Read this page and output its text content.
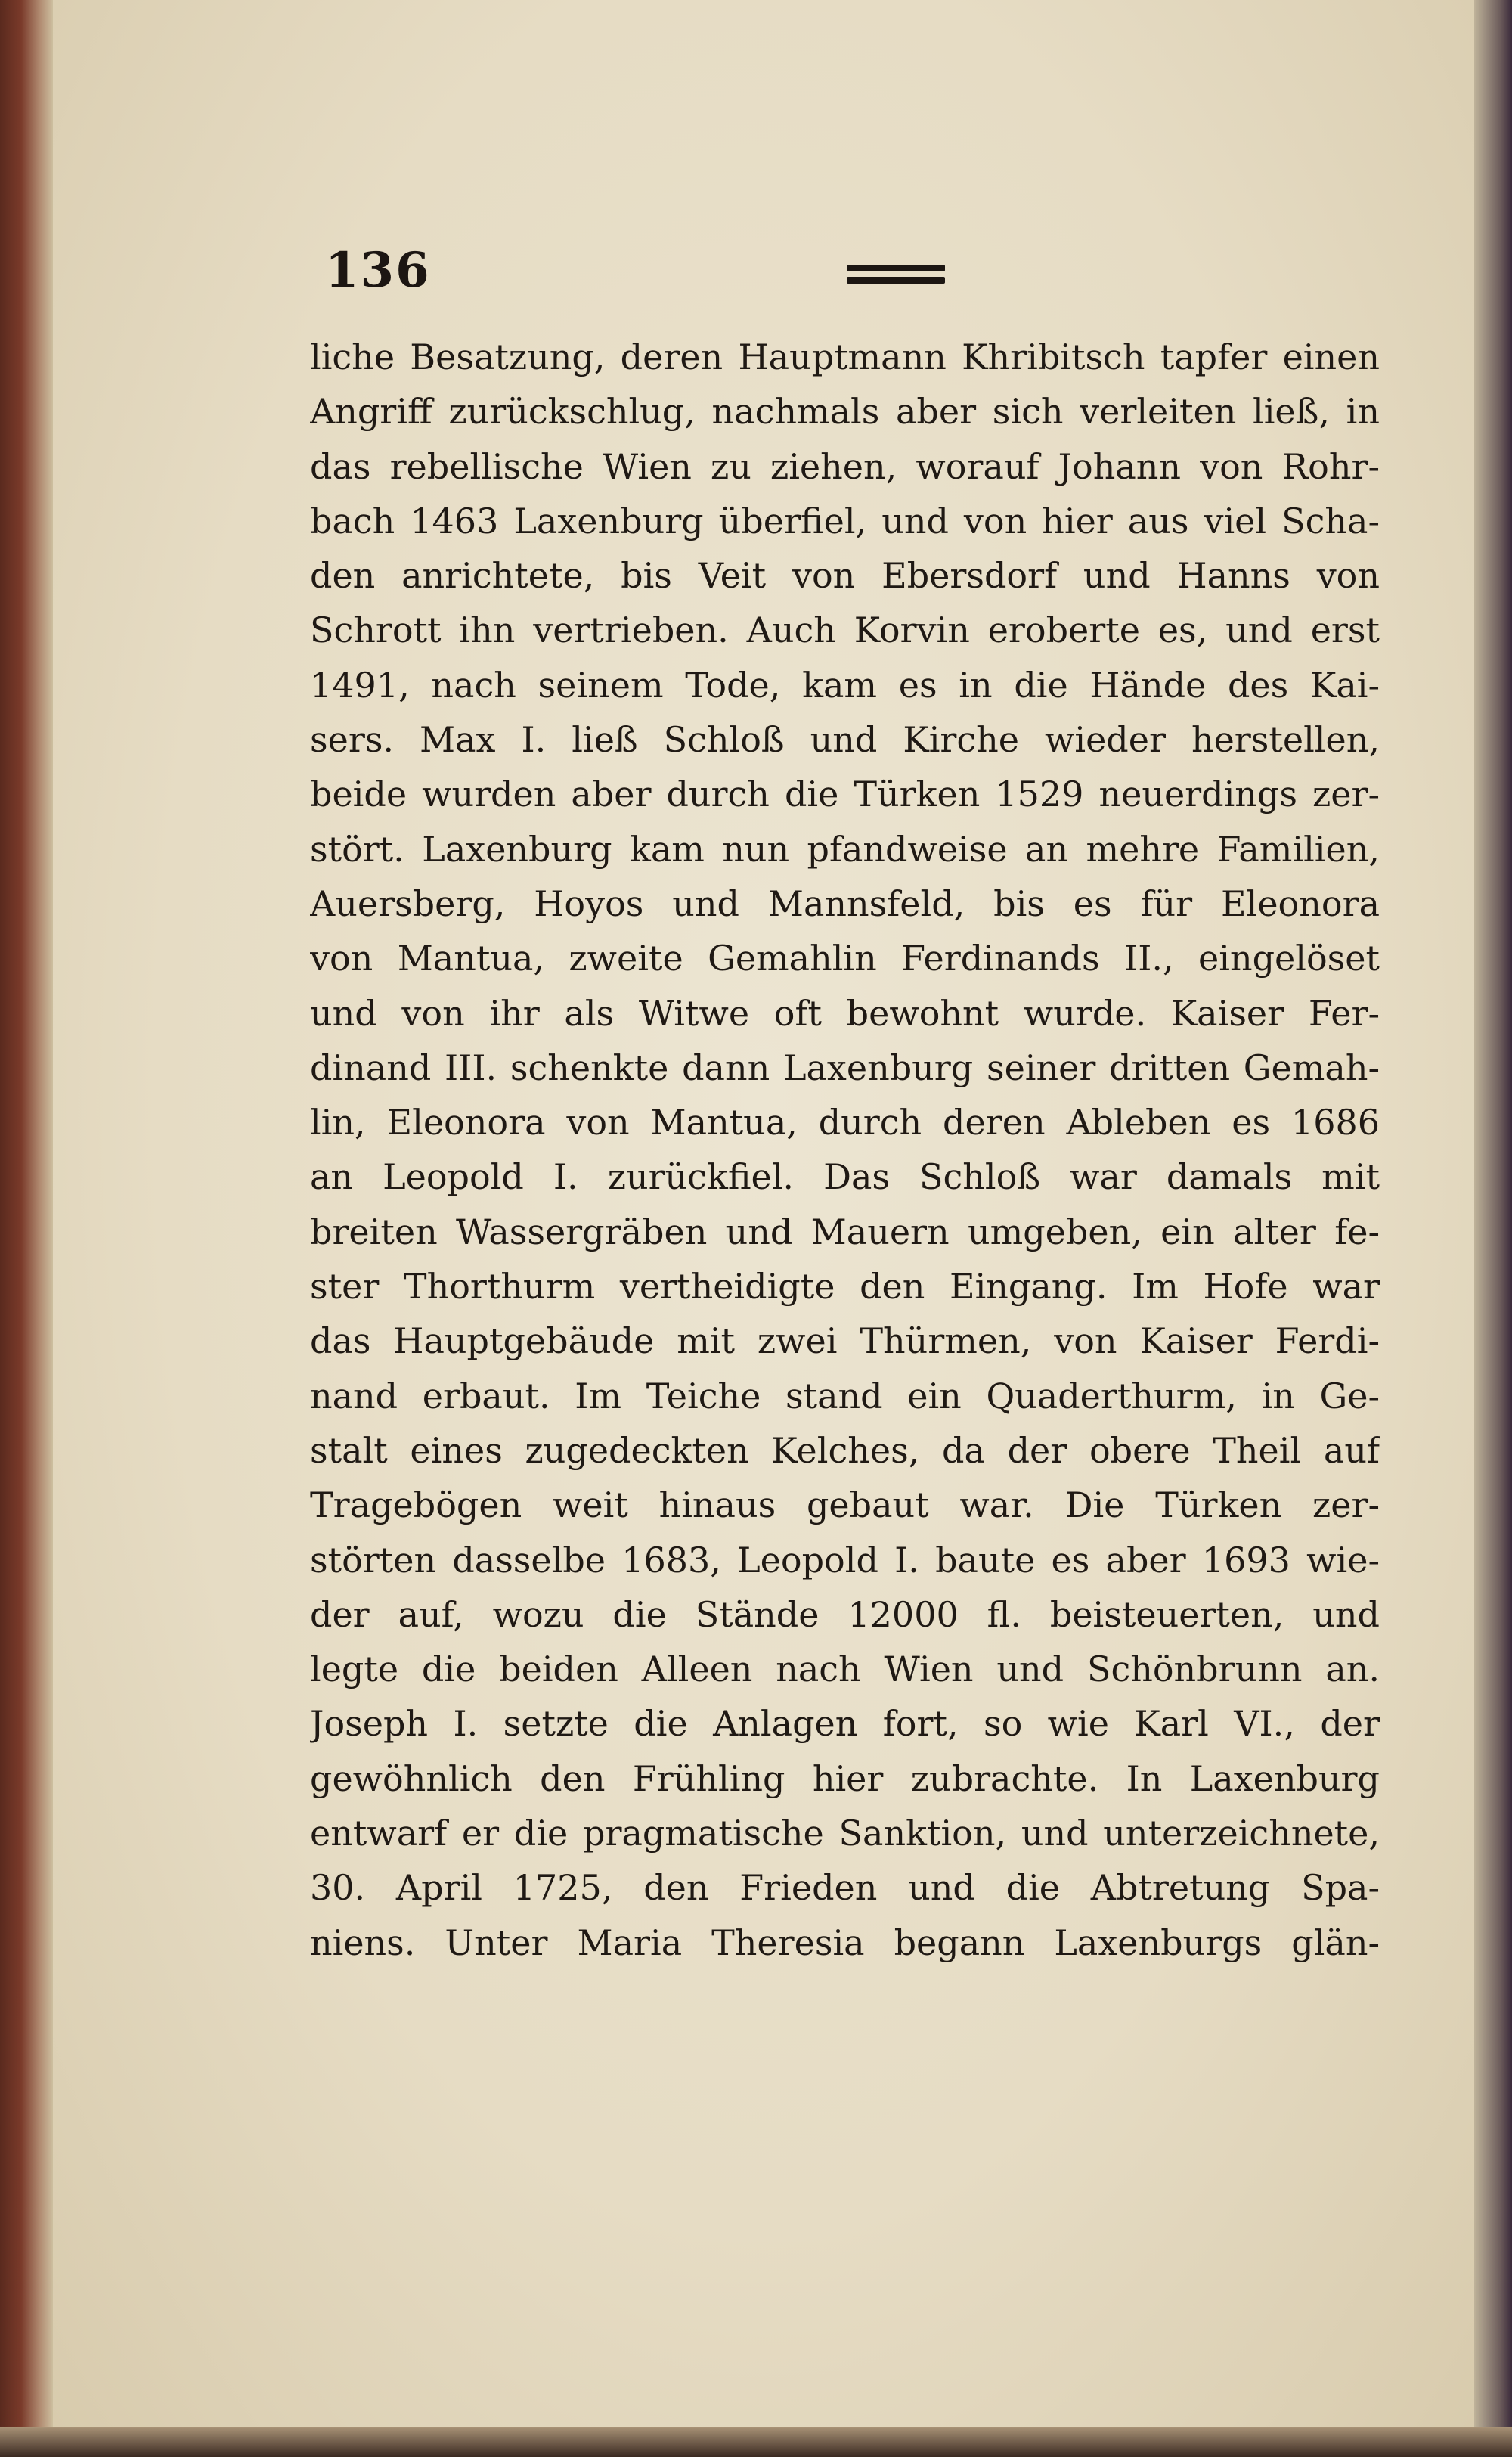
136
liche Besatzung, deren Hauptmann Khribitsch tapfer einen
Angriff zurückschlug, nachmals aber sich verleiten ließ, in
das rebellische Wien zu ziehen, worauf Johann von Rohr-
bach 1463 Laxenburg überfiel, und von hier aus viel Scha-
den anrichtete, bis Veit von Ebersdorf und Hanns von
Schrott ihn vertrieben. Auch Korvin eroberte es, und erst
1491, nach seinem Tode, kam es in die Hände des Kai-
sers. Max I. ließ Schloß und Kirche wieder herstellen,
beide wurden aber durch die Türken 1529 neuerdings zer-
stört. Laxenburg kam nun pfandweise an mehre Familien,
Auersberg, Hoyos und Mannsfeld, bis es für Eleonora
von Mantua, zweite Gemahlin Ferdinands II., eingelöset
und von ihr als Witwe oft bewohnt wurde. Kaiser Fer-
dinand III. schenkte dann Laxenburg seiner dritten Gemah-
lin, Eleonora von Mantua, durch deren Ableben es 1686
an Leopold I. zurückfiel. Das Schloß war damals mit
breiten Wassergräben und Mauern umgeben, ein alter fe-
ster Thorthurm vertheidigte den Eingang. Im Hofe war
das Hauptgebäude mit zwei Thürmen, von Kaiser Ferdi-
nand erbaut. Im Teiche stand ein Quaderthurm, in Ge-
stalt eines zugedeckten Kelches, da der obere Theil auf
Tragebögen weit hinaus gebaut war. Die Türken zer-
störten dasselbe 1683, Leopold I. baute es aber 1693 wie-
der auf, wozu die Stände 12000 fl. beisteuerten, und
legte die beiden Alleen nach Wien und Schönbrunn an.
Joseph I. setzte die Anlagen fort, so wie Karl VI., der
gewöhnlich den Frühling hier zubrachte. In Laxenburg
entwarf er die pragmatische Sanktion, und unterzeichnete,
30. April 1725, den Frieden und die Abtretung Spa-
niens. Unter Maria Theresia begann Laxenburgs glän-
